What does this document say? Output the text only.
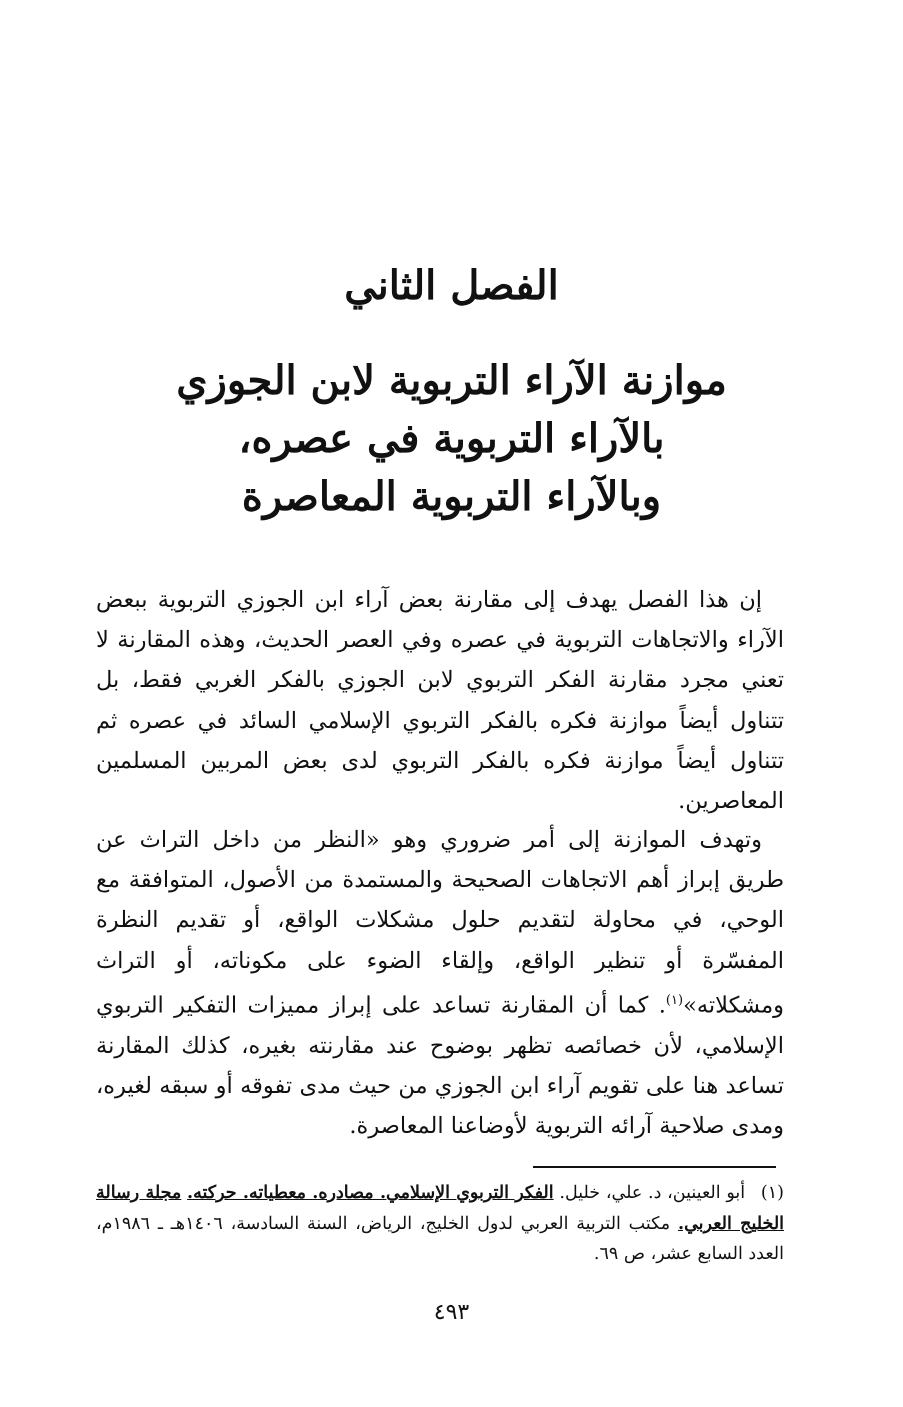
الفصل الثاني
موازنة الآراء التربوية لابن الجوزي
بالآراء التربوية في عصره،
وبالآراء التربوية المعاصرة
إن هذا الفصل يهدف إلى مقارنة بعض آراء ابن الجوزي التربوية ببعض الآراء والاتجاهات التربوية في عصره وفي العصر الحديث، وهذه المقارنة لا تعني مجرد مقارنة الفكر التربوي لابن الجوزي بالفكر الغربي فقط، بل تتناول أيضاً موازنة فكره بالفكر التربوي الإسلامي السائد في عصره ثم تتناول أيضاً موازنة فكره بالفكر التربوي لدى بعض المربين المسلمين المعاصرين.
وتهدف الموازنة إلى أمر ضروري وهو «النظر من داخل التراث عن طريق إبراز أهم الاتجاهات الصحيحة والمستمدة من الأصول، المتوافقة مع الوحي، في محاولة لتقديم حلول مشكلات الواقع، أو تقديم النظرة المفسّرة أو تنظير الواقع، وإلقاء الضوء على مكوناته، أو التراث ومشكلاته»$^{(١)}$. كما أن المقارنة تساعد على إبراز مميزات التفكير التربوي الإسلامي، لأن خصائصه تظهر بوضوح عند مقارنته بغيره، كذلك المقارنة تساعد هنا على تقويم آراء ابن الجوزي من حيث مدى تفوقه أو سبقه لغيره، ومدى صلاحية آرائه التربوية لأوضاعنا المعاصرة.
(١) أبو العينين، د. علي، خليل. الفكر التربوي الإسلامي. مصادره. معطياته. حركته. مجلة رسالة الخليج العربي. مكتب التربية العربي لدول الخليج، الرياض، السنة السادسة، ١٤٠٦هـ ـ ١٩٨٦م، العدد السابع عشر، ص ٦٩.
٤٩٣
